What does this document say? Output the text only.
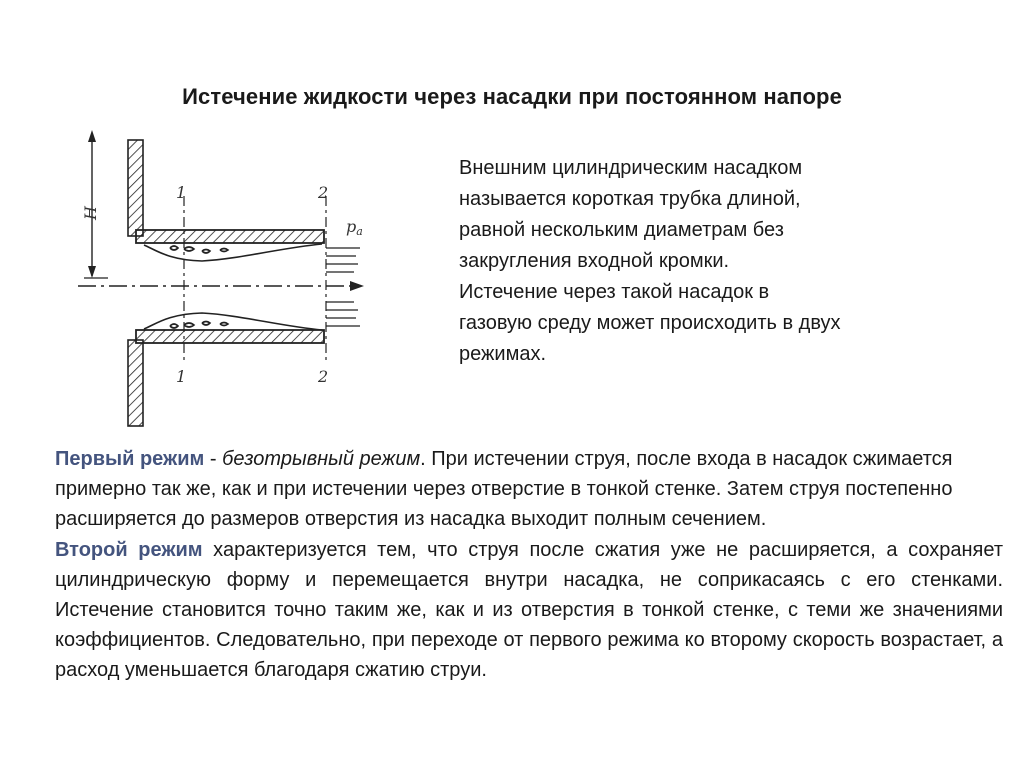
Истечение жидкости через насадки при постоянном напоре
H
1	2
1	2
pa

Внешним цилиндрическим насадком

называется короткая трубка длиной,

равной нескольким диаметрам без

закругления входной кромки.

Истечение через такой насадок в

газовую среду может происходить в двух

режимах.

Первый режим - безотрывный режим. При истечении струя, после входа в насадок сжимается примерно так же, как и при истечении через отверстие в тонкой стенке. Затем струя постепенно расширяется до размеров отверстия из насадка выходит полным сечением.

Второй режим характеризуется тем, что струя после сжатия уже не расширяется, а сохраняет цилиндрическую форму и перемещается внутри насадка, не соприкасаясь с его стенками. Истечение становится точно таким же, как и из отверстия в тонкой стенке, с теми же значениями коэффициентов. Следовательно, при переходе от первого режима ко второму скорость возрастает, а расход уменьшается благодаря сжатию струи.
